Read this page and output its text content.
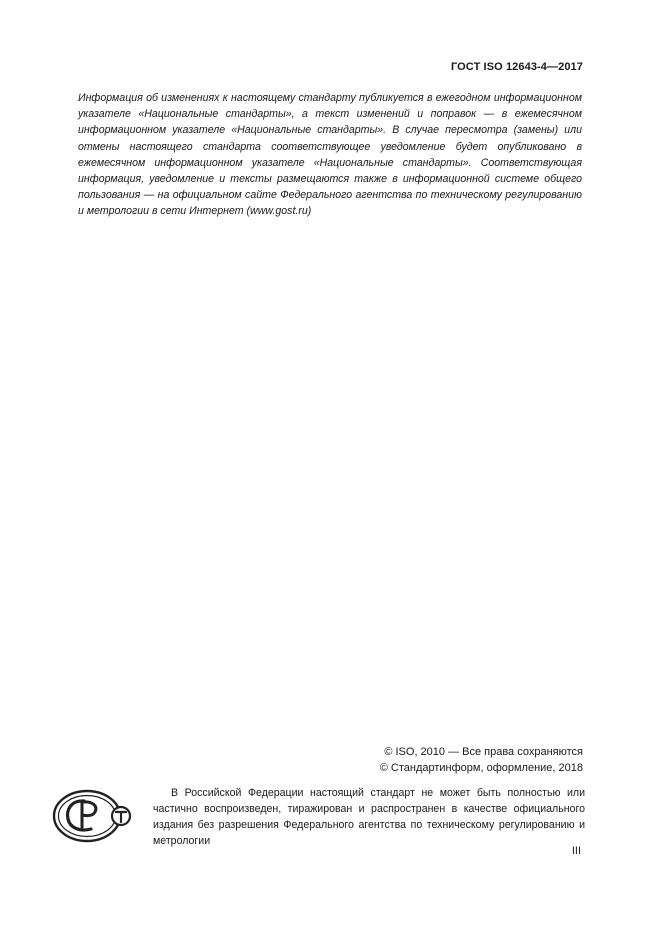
ГОСТ ISO 12643-4—2017

Информация об изменениях к настоящему стандарту публикуется в ежегодном информационном указателе «Национальные стандарты», а текст изменений и поправок — в ежемесячном информационном указателе «Национальные стандарты». В случае пересмотра (замены) или отмены настоящего стандарта соответствующее уведомление будет опубликовано в ежемесячном информационном указателе «Национальные стандарты». Соответствующая информация, уведомление и тексты размещаются также в информационной системе общего пользования — на официальном сайте Федерального агентства по техническому регулированию и метрологии в сети Интернет (www.gost.ru)

© ISO, 2010 — Все права сохраняются
© Стандартинформ, оформление, 2018

В Российской Федерации настоящий стандарт не может быть полностью или частично воспроизведен, тиражирован и распространен в качестве официального издания без разрешения Федерального агентства по техническому регулированию и метрологии

III
